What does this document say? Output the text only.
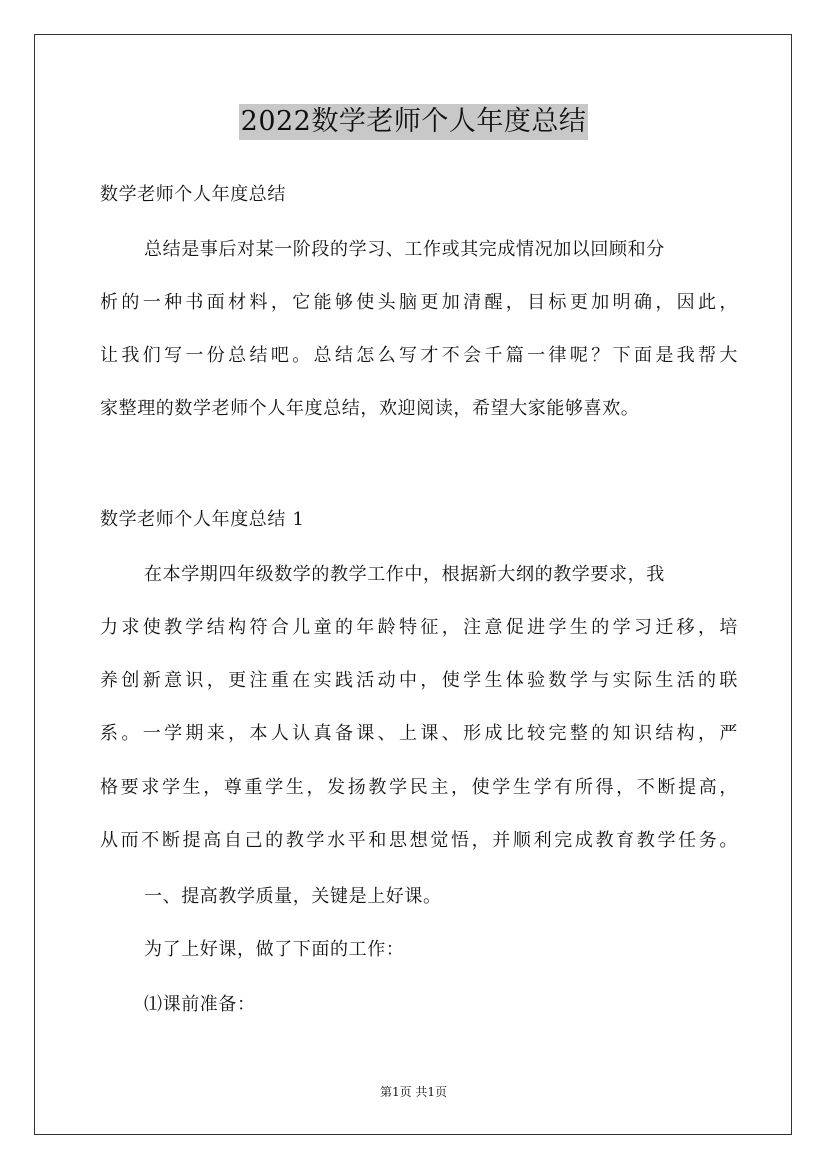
2022数学老师个人年度总结
数学老师个人年度总结
总结是事后对某一阶段的学习、工作或其完成情况加以回顾和分
析的一种书面材料，它能够使头脑更加清醒，目标更加明确，因此，
让我们写一份总结吧。总结怎么写才不会千篇一律呢？下面是我帮大
家整理的数学老师个人年度总结，欢迎阅读，希望大家能够喜欢。
数学老师个人年度总结 1
在本学期四年级数学的教学工作中，根据新大纲的教学要求，我
力求使教学结构符合儿童的年龄特征，注意促进学生的学习迁移，培
养创新意识，更注重在实践活动中，使学生体验数学与实际生活的联
系。一学期来，本人认真备课、上课、形成比较完整的知识结构，严
格要求学生，尊重学生，发扬教学民主，使学生学有所得，不断提高，
从而不断提高自己的教学水平和思想觉悟，并顺利完成教育教学任务。
一、提高教学质量，关键是上好课。
为了上好课，做了下面的工作：
⑴课前准备：
第1页 共1页
